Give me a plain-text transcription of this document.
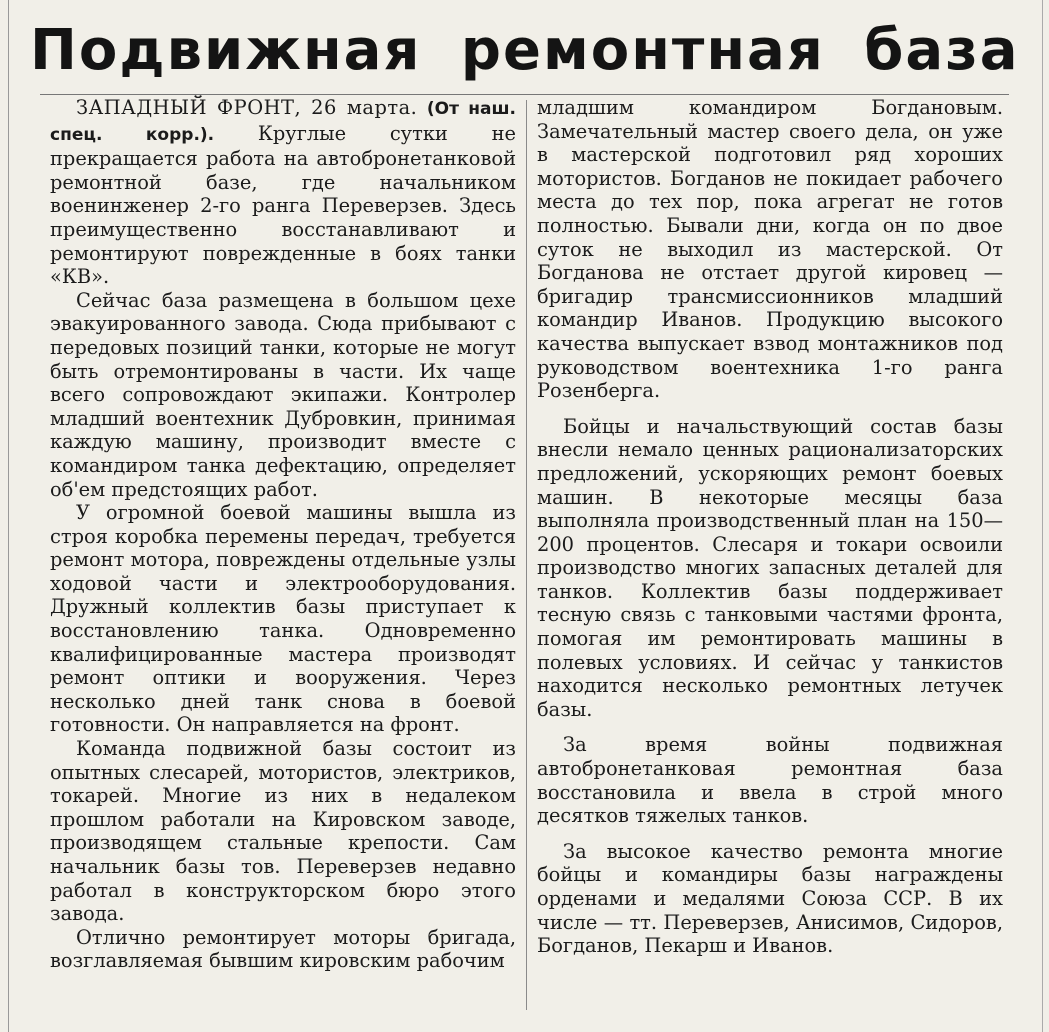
Подвижная ремонтная база

ЗАПАДНЫЙ ФРОНТ, 26 марта. (От наш. спец. корр.). Круглые сутки не прекращается работа на автобронетанковой ремонтной базе, где начальником военинженер 2-го ранга Переверзев. Здесь преимущественно восстанавливают и ремонтируют поврежденные в боях танки «КВ».

Сейчас база размещена в большом цехе эвакуированного завода. Сюда прибывают с передовых позиций танки, которые не могут быть отремонтированы в части. Их чаще всего сопровождают экипажи. Контролер младший воентехник Дубровкин, принимая каждую машину, производит вместе с командиром танка дефектацию, определяет об'ем предстоящих работ.

У огромной боевой машины вышла из строя коробка перемены передач, требуется ремонт мотора, повреждены отдельные узлы ходовой части и электрооборудования. Дружный коллектив базы приступает к восстановлению танка. Одновременно квалифицированные мастера производят ремонт оптики и вооружения. Через несколько дней танк снова в боевой готовности. Он направляется на фронт.

Команда подвижной базы состоит из опытных слесарей, мотористов, электриков, токарей. Многие из них в недалеком прошлом работали на Кировском заводе, производящем стальные крепости. Сам начальник базы тов. Переверзев недавно работал в конструкторском бюро этого завода.

Отлично ремонтирует моторы бригада, возглавляемая бывшим кировским рабочим

младшим командиром Богдановым. Замечательный мастер своего дела, он уже в мастерской подготовил ряд хороших мотористов. Богданов не покидает рабочего места до тех пор, пока агрегат не готов полностью. Бывали дни, когда он по двое суток не выходил из мастерской. От Богданова не отстает другой кировец — бригадир трансмиссионников младший командир Иванов. Продукцию высокого качества выпускает взвод монтажников под руководством воентехника 1-го ранга Розенберга.

Бойцы и начальствующий состав базы внесли немало ценных рационализаторских предложений, ускоряющих ремонт боевых машин. В некоторые месяцы база выполняла производственный план на 150—200 процентов. Слесаря и токари освоили производство многих запасных деталей для танков. Коллектив базы поддерживает тесную связь с танковыми частями фронта, помогая им ремонтировать машины в полевых условиях. И сейчас у танкистов находится несколько ремонтных летучек базы.

За время войны подвижная автобронетанковая ремонтная база восстановила и ввела в строй много десятков тяжелых танков.

За высокое качество ремонта многие бойцы и командиры базы награждены орденами и медалями Союза ССР. В их числе — тт. Переверзев, Анисимов, Сидоров, Богданов, Пекарш и Иванов.
